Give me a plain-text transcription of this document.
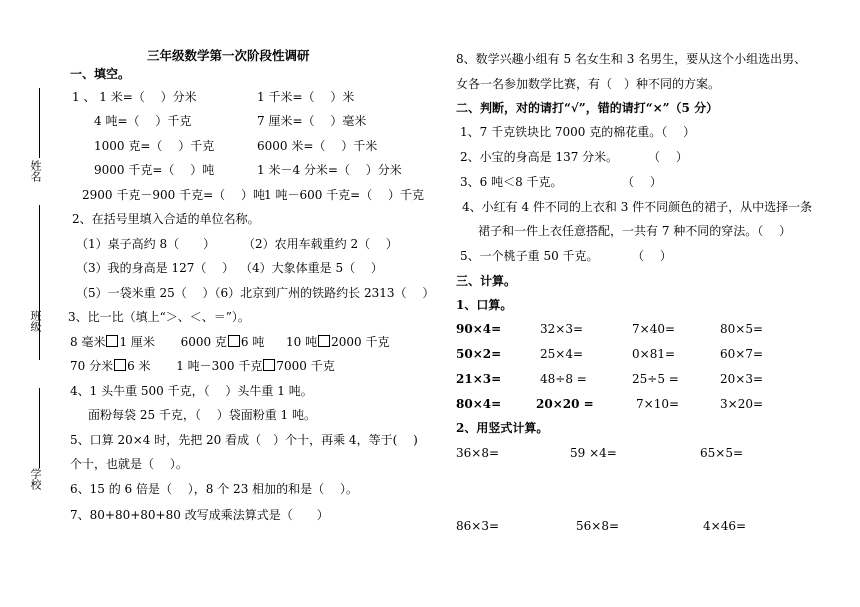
姓名
班级
学校
三年级数学第一次阶段性调研
一、填空。
1 、 1 米=（　 ）分米	1 千米=（　 ）米
4 吨=（　 ）千克	7 厘米=（　 ）毫米
1000 克=（　 ）千克	6000 米=（　 ）千米
9000 千克=（　 ）吨	1 米－4 分米=（　 ）分米
2900 千克－900 千克=（　 ）吨 1 吨－600 千克=（　 ）千克
2、在括号里填入合适的单位名称。
（1）桌子高约 8（　　） （2）农用车载重约 2（　 ）
（3）我的身高是 127（　 ） （4）大象体重是 5（　 ）
（5）一袋米重 25（　 ）（6）北京到广州的铁路约长 2313（　 ）
3、比一比（填上“＞、＜、＝”）。
8 毫米 1 厘米 6000 克 6 吨 10 吨 2000 千克
70 分米 6 米 1 吨－300 千克 7000 千克
4、1 头牛重 500 千克，（　 ）头牛重 1 吨。
面粉每袋 25 千克，（　 ）袋面粉重 1 吨。
5、口算 20×4 时，先把 20 看成（　）个十，再乘 4，等于(　 )
个十，也就是（　 ）。
6、15 的 6 倍是（　 ），8 个 23 相加的和是（　 ）。
7、80+80+80+80 改写成乘法算式是（　　）
8、数学兴趣小组有 5 名女生和 3 名男生，要从这个小组选出男、
女各一名参加数学比赛，有（　）种不同的方案。
二、判断，对的请打“√”，错的请打“×”（5 分）
1、7 千克铁块比 7000 克的棉花重。（　 ）
2、小宝的身高是 137 分米。 （　 ）
3、6 吨＜8 千克。	（　 ）
4、小红有 4 件不同的上衣和 3 件不同颜色的裙子，从中选择一条
裙子和一件上衣任意搭配，一共有 7 种不同的穿法。（　 ）
5、一个桃子重 50 千克。	（　 ）
三、计算。
1、口算。
90×4=	32×3=	7×40=	80×5=
50×2=	25×4=	0×81=	60×7=
21×3=	48÷8 =	25÷5 =	20×3=
80×4=	20×20 =	7×10=	3×20=
2、用竖式计算。
36×8=	59 ×4=	65×5=
86×3=	56×8=	4×46=
